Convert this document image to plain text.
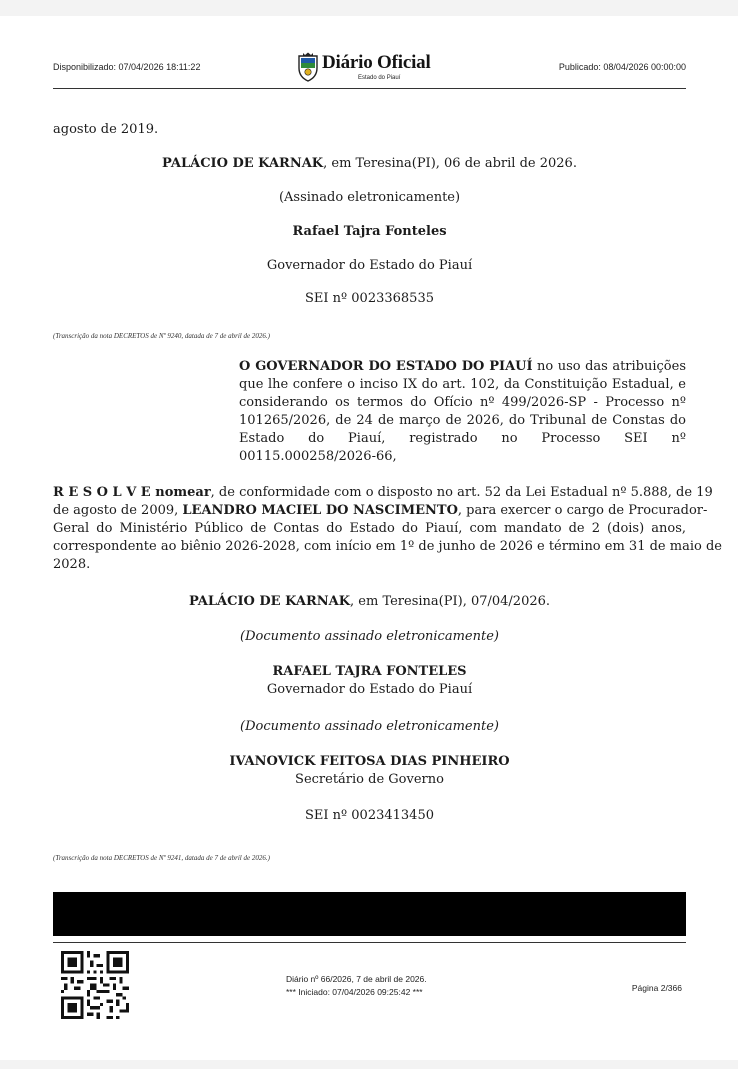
Disponibilizado: 07/04/2026 18:11:22	Diário Oficial
Estado do Piauí
Publicado: 08/04/2026 00:00:00
agosto de 2019.
PALÁCIO DE KARNAK, em Teresina(PI), 06 de abril de 2026.
(Assinado eletronicamente)
Rafael Tajra Fonteles
Governador do Estado do Piauí
SEI nº 0023368535
(Transcrição da nota DECRETOS de Nº 9240, datada de 7 de abril de 2026.)
O GOVERNADOR DO ESTADO DO PIAUÍ no uso das atribuições
que lhe confere o inciso IX do art. 102, da Constituição Estadual, e
considerando os termos do Ofício nº 499/2026-SP - Processo nº
101265/2026, de 24 de março de 2026, do Tribunal de Constas do
Estado do Piauí, registrado no Processo SEI nº
00115.000258/2026-66,
R E S O L V E nomear, de conformidade com o disposto no art. 52 da Lei Estadual nº 5.888, de 19
de agosto de 2009, LEANDRO MACIEL DO NASCIMENTO, para exercer o cargo de Procurador-
Geral do Ministério Público de Contas do Estado do Piauí, com mandato de 2 (dois) anos,
correspondente ao biênio 2026-2028, com início em 1º de junho de 2026 e término em 31 de maio de
2028.
PALÁCIO DE KARNAK, em Teresina(PI), 07/04/2026.
(Documento assinado eletronicamente)
RAFAEL TAJRA FONTELES
Governador do Estado do Piauí
(Documento assinado eletronicamente)
IVANOVICK FEITOSA DIAS PINHEIRO
Secretário de Governo
SEI nº 0023413450
(Transcrição da nota DECRETOS de Nº 9241, datada de 7 de abril de 2026.)
Diário nº 66/2026, 7 de abril de 2026.
*** Iniciado: 07/04/2026 09:25:42 ***	Página 2/366
